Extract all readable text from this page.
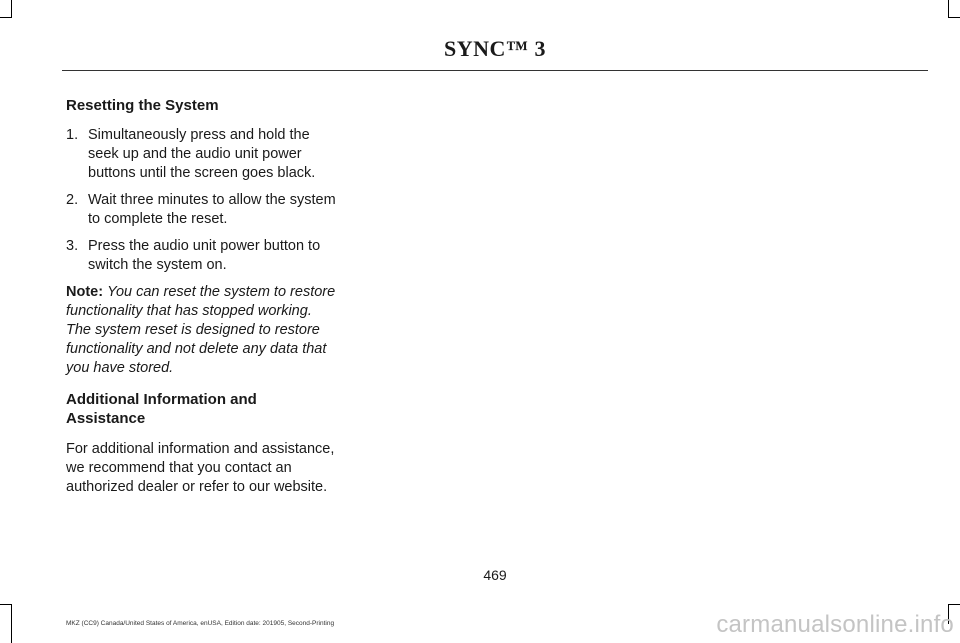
SYNC™ 3

Resetting the System

1. Simultaneously press and hold the seek up and the audio unit power buttons until the screen goes black.
2. Wait three minutes to allow the system to complete the reset.
3. Press the audio unit power button to switch the system on.

Note: You can reset the system to restore functionality that has stopped working. The system reset is designed to restore functionality and not delete any data that you have stored.

Additional Information and Assistance

For additional information and assistance, we recommend that you contact an authorized dealer or refer to our website.

469
MKZ (CC9) Canada/United States of America, enUSA, Edition date: 201905, Second-Printing	carmanualsonline.info
